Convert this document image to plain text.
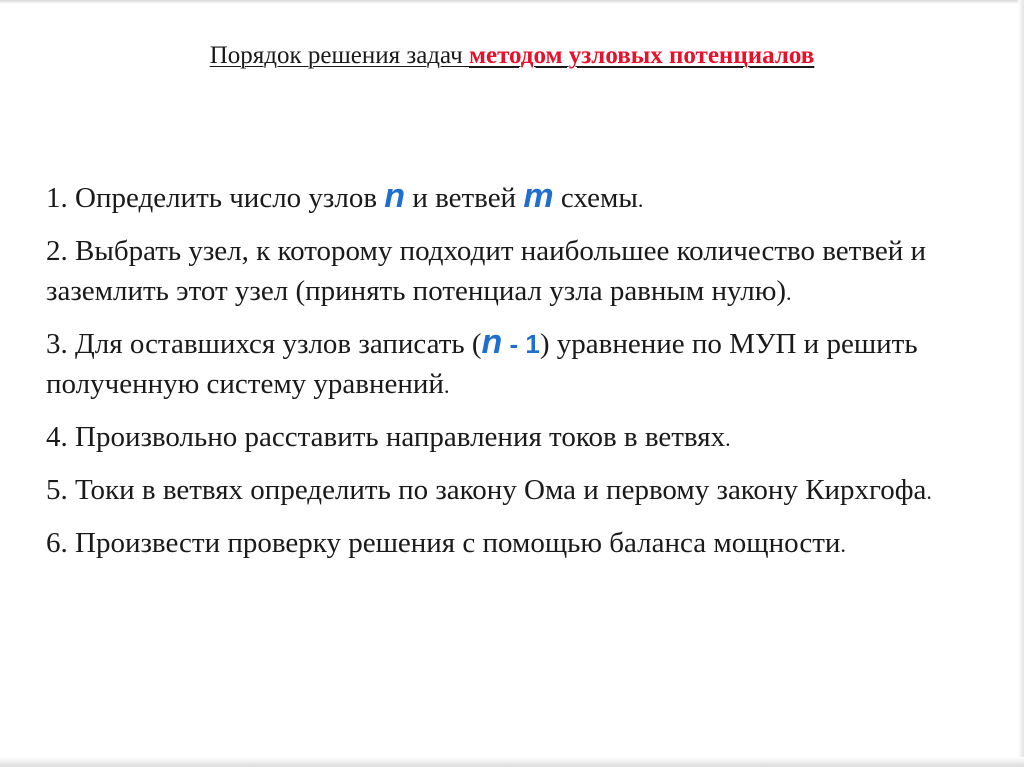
Порядок решения задач методом узловых потенциалов

1. Определить число узлов n и ветвей m схемы.

2. Выбрать узел, к которому подходит наибольшее количество ветвей и заземлить этот узел (принять потенциал узла равным нулю).

3. Для оставшихся узлов записать (n - 1) уравнение по МУП и решить полученную систему уравнений.

4. Произвольно расставить направления токов в ветвях.

5. Токи в ветвях определить по закону Ома и первому закону Кирхгофа.

6. Произвести проверку решения с помощью баланса мощности.
